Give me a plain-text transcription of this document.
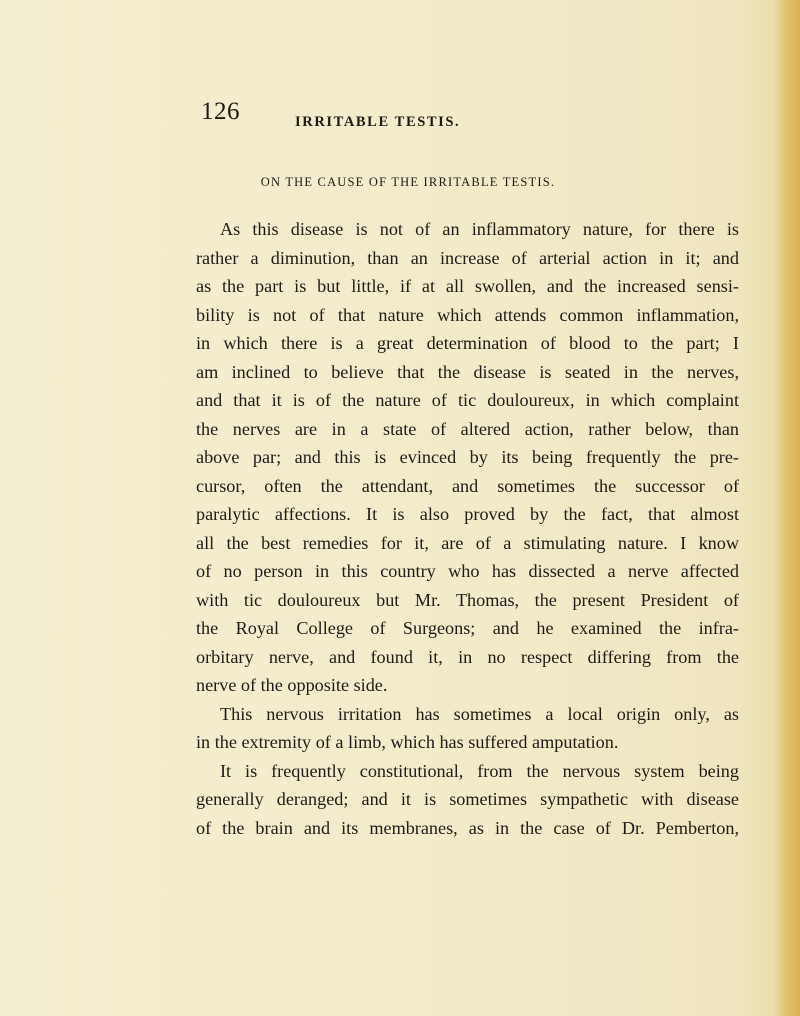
126	IRRITABLE TESTIS.
ON THE CAUSE OF THE IRRITABLE TESTIS.
As this disease is not of an inflammatory nature, for there is
rather a diminution, than an increase of arterial action in it; and
as the part is but little, if at all swollen, and the increased sensi-
bility is not of that nature which attends common inflammation,
in which there is a great determination of blood to the part; I
am inclined to believe that the disease is seated in the nerves,
and that it is of the nature of tic douloureux, in which complaint
the nerves are in a state of altered action, rather below, than
above par; and this is evinced by its being frequently the pre-
cursor, often the attendant, and sometimes the successor of
paralytic affections. It is also proved by the fact, that almost
all the best remedies for it, are of a stimulating nature. I know
of no person in this country who has dissected a nerve affected
with tic douloureux but Mr. Thomas, the present President of
the Royal College of Surgeons; and he examined the infra-
orbitary nerve, and found it, in no respect differing from the
nerve of the opposite side.
This nervous irritation has sometimes a local origin only, as
in the extremity of a limb, which has suffered amputation.
It is frequently constitutional, from the nervous system being
generally deranged; and it is sometimes sympathetic with disease
of the brain and its membranes, as in the case of Dr. Pemberton,
